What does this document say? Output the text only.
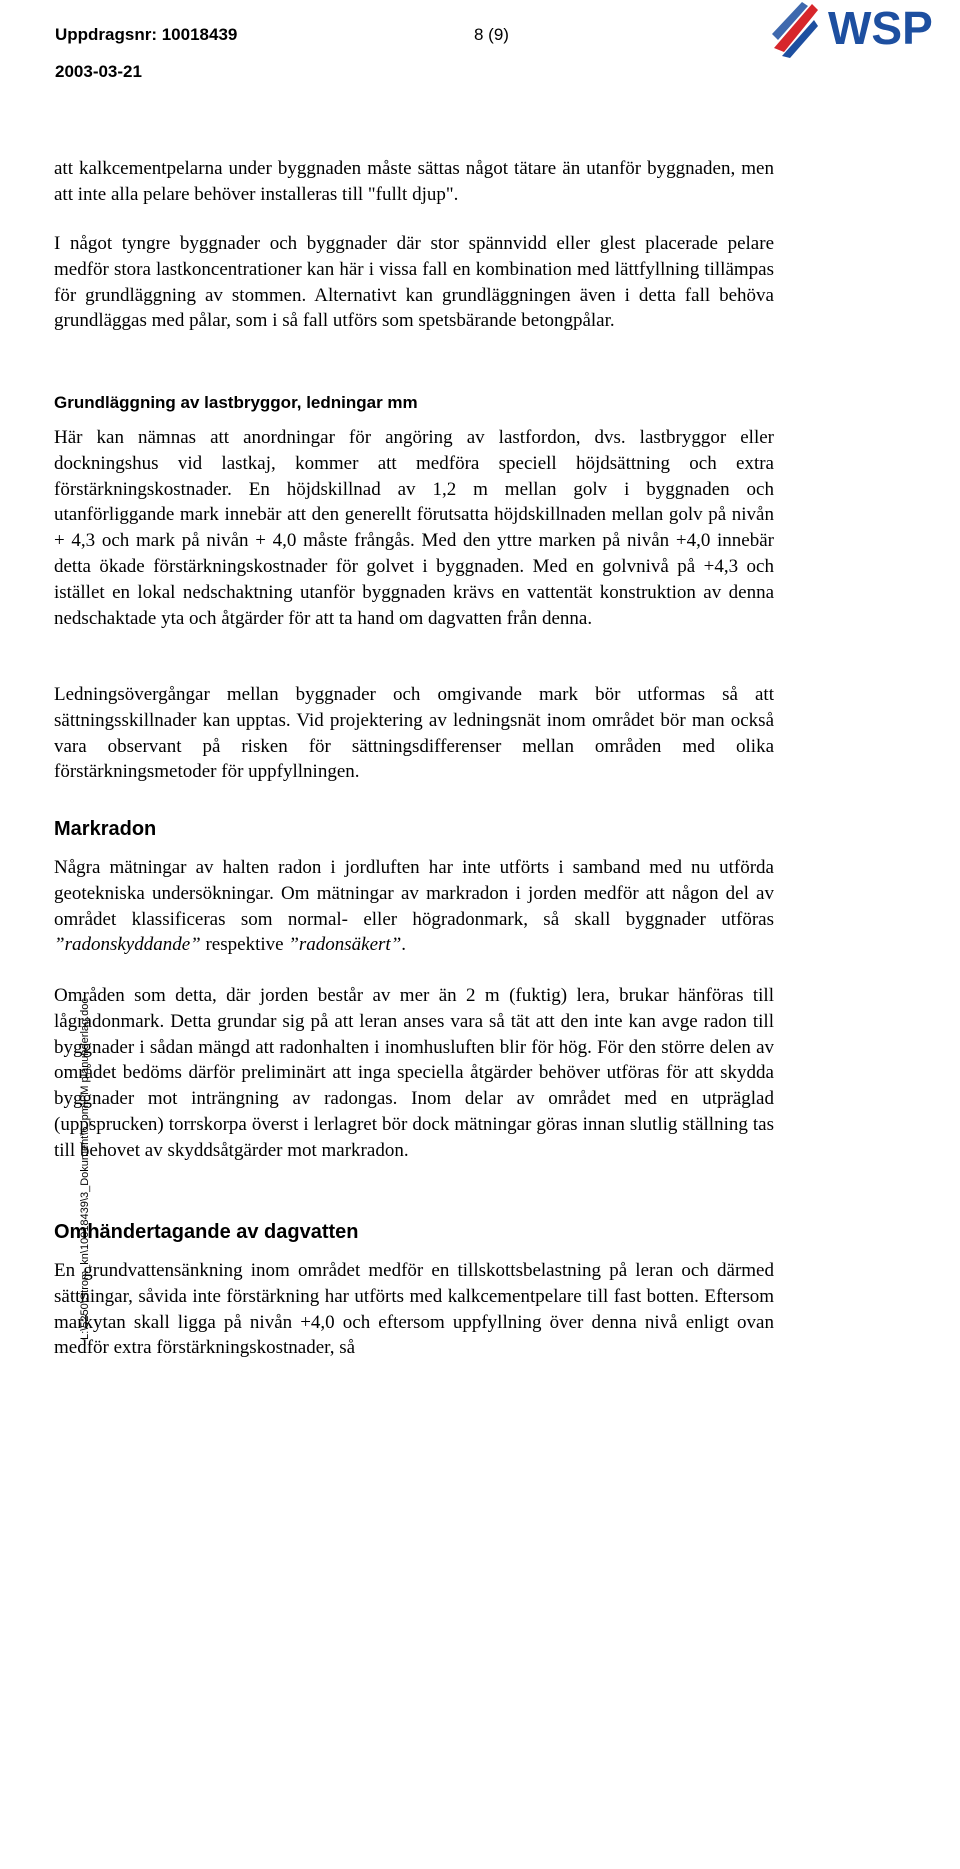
Uppdragsnr: 10018439	8 (9)
2003-03-21
WSP

att kalkcementpelarna under byggnaden måste sättas något tätare än utanför byggnaden, men att inte alla pelare behöver installeras till "fullt djup".

I något tyngre byggnader och byggnader där stor spännvidd eller glest placerade pelare medför stora lastkoncentrationer kan här i vissa fall en kombination med lättfyllning tillämpas för grundläggning av stommen. Alternativt kan grundläggningen även i detta fall behöva grundläggas med pålar, som i så fall utförs som spetsbärande betongpålar.

Grundläggning av lastbryggor, ledningar mm

Här kan nämnas att anordningar för angöring av lastfordon, dvs. lastbryggor eller dockningshus vid lastkaj, kommer att medföra speciell höjdsättning och extra förstärkningskostnader. En höjdskillnad av 1,2 m mellan golv i byggnaden och utanförliggande mark innebär att den generellt förutsatta höjdskillnaden mellan golv på nivån + 4,3 och mark på nivån + 4,0 måste frångås. Med den yttre marken på nivån +4,0 innebär detta ökade förstärkningskostnader för golvet i byggnaden. Med en golvnivå på +4,3 och istället en lokal nedschaktning utanför byggnaden krävs en vattentät konstruktion av denna nedschaktade yta och åtgärder för att ta hand om dagvatten från denna.

Ledningsövergångar mellan byggnader och omgivande mark bör utformas så att sättningsskillnader kan upptas. Vid projektering av ledningsnät inom området bör man också vara observant på risken för sättningsdifferenser mellan områden med olika förstärkningsmetoder för uppfyllningen.

Markradon

Några mätningar av halten radon i jordluften har inte utförts i samband med nu utförda geotekniska undersökningar. Om mätningar av markradon i jorden medför att någon del av området klassificeras som normal- eller högradonmark, så skall byggnader utföras ”radonskyddande” respektive ”radonsäkert”.

Områden som detta, där jorden består av mer än 2 m (fuktig) lera, brukar hänföras till lågradonmark. Detta grundar sig på att leran anses vara så tät att den inte kan avge radon till byggnader i sådan mängd att radonhalten i inomhusluften blir för hög. För den större delen av området bedöms därför preliminärt att inga speciella åtgärder behöver utföras för att skydda byggnader mot inträngning av radongas. Inom delar av området med en utpräglad (uppsprucken) torrskorpa överst i lerlagret bör dock mätningar göras innan slutlig ställning tas till behovet av skyddsåtgärder mot markradon.

Omhändertagande av dagvatten

En grundvattensänkning inom området medför en tillskottsbelastning på leran och därmed sättningar, såvida inte förstärkning har utförts med kalkcementpelare till fast botten. Eftersom markytan skall ligga på nivån +4,0 och eftersom uppfyllning över denna nivå enligt ovan medför extra förstärkningskostnader, så

L:\5250\Strom_kn\10018439\3_Dokument\6_pm\PM planunderlag.doc
